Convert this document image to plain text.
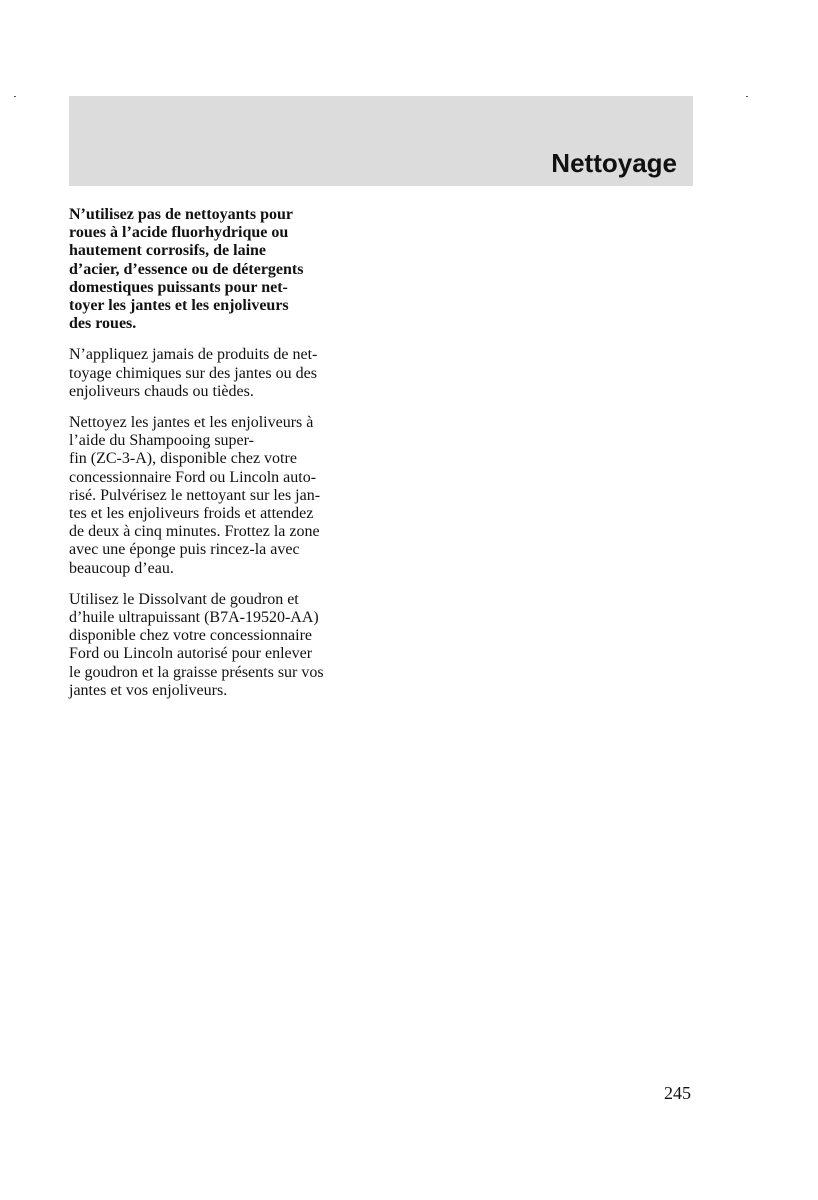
Nettoyage

N’utilisez pas de nettoyants pour
roues à l’acide fluorhydrique ou
hautement corrosifs, de laine
d’acier, d’essence ou de détergents
domestiques puissants pour net-
toyer les jantes et les enjoliveurs
des roues.

N’appliquez jamais de produits de net-
toyage chimiques sur des jantes ou des
enjoliveurs chauds ou tièdes.

Nettoyez les jantes et les enjoliveurs à
l’aide du Shampooing super-
fin (ZC-3-A), disponible chez votre
concessionnaire Ford ou Lincoln auto-
risé. Pulvérisez le nettoyant sur les jan-
tes et les enjoliveurs froids et attendez
de deux à cinq minutes. Frottez la zone
avec une éponge puis rincez-la avec
beaucoup d’eau.

Utilisez le Dissolvant de goudron et
d’huile ultrapuissant (B7A-19520-AA)
disponible chez votre concessionnaire
Ford ou Lincoln autorisé pour enlever
le goudron et la graisse présents sur vos
jantes et vos enjoliveurs.

245
